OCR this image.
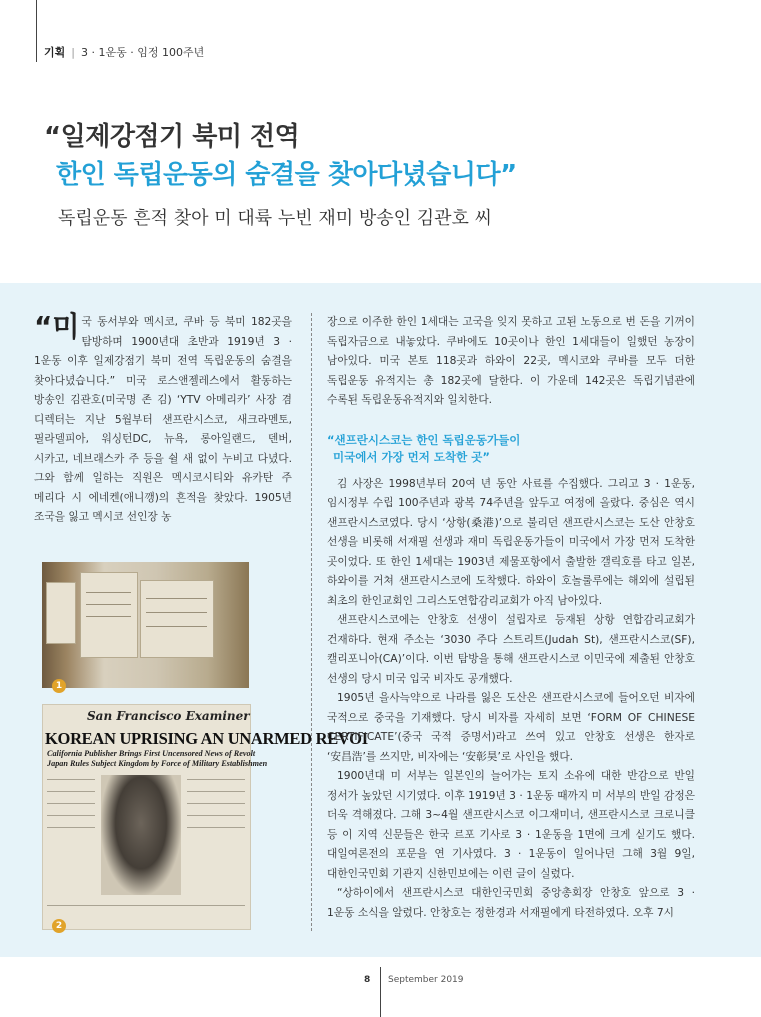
기획 | 3 · 1운동 · 임정 100주년
“일제강점기 북미 전역
한인 독립운동의 숨결을 찾아다녔습니다”
독립운동 흔적 찾아 미 대륙 누빈 재미 방송인 김관호 씨

“미국 동서부와 멕시코, 쿠바 등 북미 182곳을 탐방하며 1900년대 초반과 1919년 3 · 1운동 이후 일제강점기 북미 전역 독립운동의 숨결을 찾아다녔습니다.” 미국 로스앤젤레스에서 활동하는 방송인 김관호(미국명 존 김) ‘YTV 아메리카’ 사장 겸 디렉터는 지난 5월부터 샌프란시스코, 새크라멘토, 필라델피아, 워싱턴DC, 뉴욕, 롱아일랜드, 덴버, 시카고, 네브래스카 주 등을 쉴 새 없이 누비고 다녔다. 그와 함께 일하는 직원은 멕시코시티와 유카탄 주 메리다 시 에네켄(애니깽)의 흔적을 찾았다. 1905년 조국을 잃고 멕시코 선인장 농

1
San Francisco Examiner
KOREAN UPRISING AN UNARMED REVOI
California Publisher Brings First Uncensored News of Revolt
Japan Rules Subject Kingdom by Force of Military Establishmen
2

장으로 이주한 한인 1세대는 고국을 잊지 못하고 고된 노동으로 번 돈을 기꺼이 독립자금으로 내놓았다. 쿠바에도 10곳이나 한인 1세대들이 일했던 농장이 남아있다. 미국 본토 118곳과 하와이 22곳, 멕시코와 쿠바를 모두 더한 독립운동 유적지는 총 182곳에 달한다. 이 가운데 142곳은 독립기념관에 수록된 독립운동유적지와 일치한다.

“샌프란시스코는 한인 독립운동가들이
미국에서 가장 먼저 도착한 곳”

김 사장은 1998년부터 20여 년 동안 사료를 수집했다. 그리고 3 · 1운동, 임시정부 수립 100주년과 광복 74주년을 앞두고 여정에 올랐다. 중심은 역시 샌프란시스코였다. 당시 ‘상항(桑港)’으로 불리던 샌프란시스코는 도산 안창호 선생을 비롯해 서재필 선생과 재미 독립운동가들이 미국에서 가장 먼저 도착한 곳이었다. 또 한인 1세대는 1903년 제물포항에서 출발한 갤릭호를 타고 일본, 하와이를 거쳐 샌프란시스코에 도착했다. 하와이 호놀룰루에는 해외에 설립된 최초의 한인교회인 그리스도연합감리교회가 아직 남아있다.

샌프란시스코에는 안창호 선생이 설립자로 등재된 상항 연합감리교회가 건재하다. 현재 주소는 ‘3030 주다 스트리트(Judah St), 샌프란시스코(SF), 캘리포니아(CA)’이다. 이번 탐방을 통해 샌프란시스코 이민국에 제출된 안창호 선생의 당시 미국 입국 비자도 공개했다.

1905년 을사늑약으로 나라를 잃은 도산은 샌프란시스코에 들어오던 비자에 국적으로 중국을 기재했다. 당시 비자를 자세히 보면 ‘FORM OF CHINESE CERTIFICATE’(중국 국적 증명서)라고 쓰여 있고 안창호 선생은 한자로 ‘安昌浩’를 쓰지만, 비자에는 ‘安彰昊’로 사인을 했다.

1900년대 미 서부는 일본인의 늘어가는 토지 소유에 대한 반감으로 반일 정서가 높았던 시기였다. 이후 1919년 3 · 1운동 때까지 미 서부의 반일 감정은 더욱 격해졌다. 그해 3~4월 샌프란시스코 이그재미너, 샌프란시스코 크로니클 등 이 지역 신문들은 한국 르포 기사로 3 · 1운동을 1면에 크게 싣기도 했다. 대일여론전의 포문을 연 기사였다. 3 · 1운동이 일어나던 그해 3월 9일, 대한인국민회 기관지 신한민보에는 이런 글이 실렸다.

“상하이에서 샌프란시스코 대한인국민회 중앙총회장 안창호 앞으로 3 · 1운동 소식을 알렸다. 안창호는 정한경과 서재필에게 타전하였다. 오후 7시

8 September 2019
